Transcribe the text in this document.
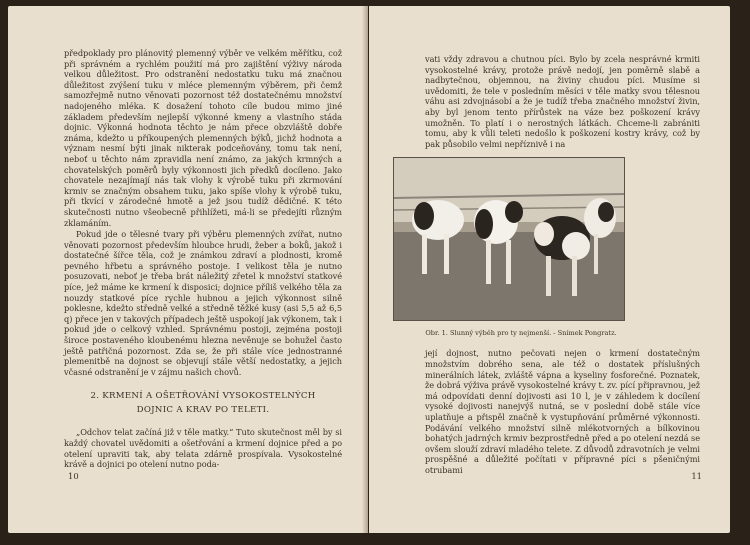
předpoklady pro plánovitý plemenný výběr ve velkém měřítku, což při správném a rychlém použití má pro zajištění výživy národa velkou důležitost. Pro odstranění nedostatku tuku má značnou důležitost zvýšení tuku v mléce plemenným výběrem, při čemž samozřejmě nutno věnovati pozornost též dostatečnému množství nadojeného mléka. K dosažení tohoto cíle budou mimo jiné základem především nejlepší výkonné kmeny a vlastního stáda dojnic. Výkonná hodnota těchto je nám přece obzvláště dobře známa, kdežto u příkoupených plemenných býků, jichž hodnota a význam nesmí býti jinak nikterak podceňovány, tomu tak není, neboť u těchto nám zpravidla není známo, za jakých krmných a chovatelských poměrů byly výkonnosti jich předků docíleno. Jako chovatele nezajímají nás tak vlohy k výrobě tuku při zkrmování krmiv se značným obsahem tuku, jako spíše vlohy k výrobě tuku, při tkvící v zárodečné hmotě a jež jsou tudíž dědičné. K této skutečnosti nutno všeobecně přihlížeti, má-li se předejíti různým zklamáním.

Pokud jde o tělesné tvary při výběru plemenných zvířat, nutno věnovati pozornost především hloubce hrudi, žeber a boků, jakož i dostatečné šířce těla, což je známkou zdraví a plodnosti, kromě pevného hřbetu a správného postoje. I velikost těla je nutno posuzovati, neboť je třeba brát náležitý zřetel k množství statkové píce, jež máme ke krmení k disposici; dojnice příliš velkého těla za nouzdy statkové píce rychle hubnou a jejich výkonnost silně poklesne, kdežto středně velké a středně těžké kusy (asi 5,5 až 6,5 q) přece jen v takových případech ještě uspokojí jak výkonem, tak i pokud jde o celkový vzhled. Správnému postoji, zejména postoji široce postaveného kloubenému hlezna nevěnuje se bohužel často ještě patřičná pozornost. Zda se, že při stále více jednostranné plemenitbě na dojnost se objevují stále větší nedostatky, a jejich včasné odstranění je v zájmu našich chovů.

2. KRMENÍ A OŠETŘOVÁNÍ VYSOKOSTELNÝCH
DOJNIC A KRAV PO TELETI.

„Odchov telat začíná již v těle matky.“ Tuto skutečnost měl by si každý chovatel uvědomiti a ošetřování a krmení dojnice před a po otelení upraviti tak, aby telata zdárně prospívala. Vysokostelné krávě a dojnici po otelení nutno poda-

10

vati vždy zdravou a chutnou píci. Bylo by zcela nesprávné krmiti vysokostelné krávy, protože právě nedojí, jen poměrně slabě a nadbytečnou, objemnou, na živiny chudou píci. Musíme si uvědomiti, že tele v posledním měsíci v těle matky svou tělesnou váhu asi zdvojnásobí a že je tudíž třeba značného množství živin, aby byl jenom tento přírůstek na váze bez poškození krávy umožněn. To platí i o nerostných látkách. Chceme-li zabrániti tomu, aby k vůli teleti nedošlo k poškození kostry krávy, což by pak působilo velmi nepříznivě i na

Obr. 1. Slunný výběh pro ty nejmenší. - Snímek Pongratz.

její dojnost, nutno pečovati nejen o krmení dostatečným množstvím dobrého sena, ale též o dostatek příslušných minerálních látek, zvláště vápna a kyseliny fosforečné. Poznatek, že dobrá výživa právě vysokostelné krávy t. zv. pící připravnou, jež má odpovídati denní dojivosti asi 10 l, je v záhledem k docílení vysoké dojivosti nanejvýš nutná, se v poslední době stále více uplatňuje a přispěl značně k vystupňování průměrné výkonnosti. Podávání velkého množství silně mlékotvorných a bílkovinou bohatých jadrných krmiv bezprostředně před a po otelení nezdá se ovšem slouží zdraví mladého telete. Z důvodů zdravotních je velmi prospěšné a důležité počítati v přípravné píci s pšeničnými otrubami

11
